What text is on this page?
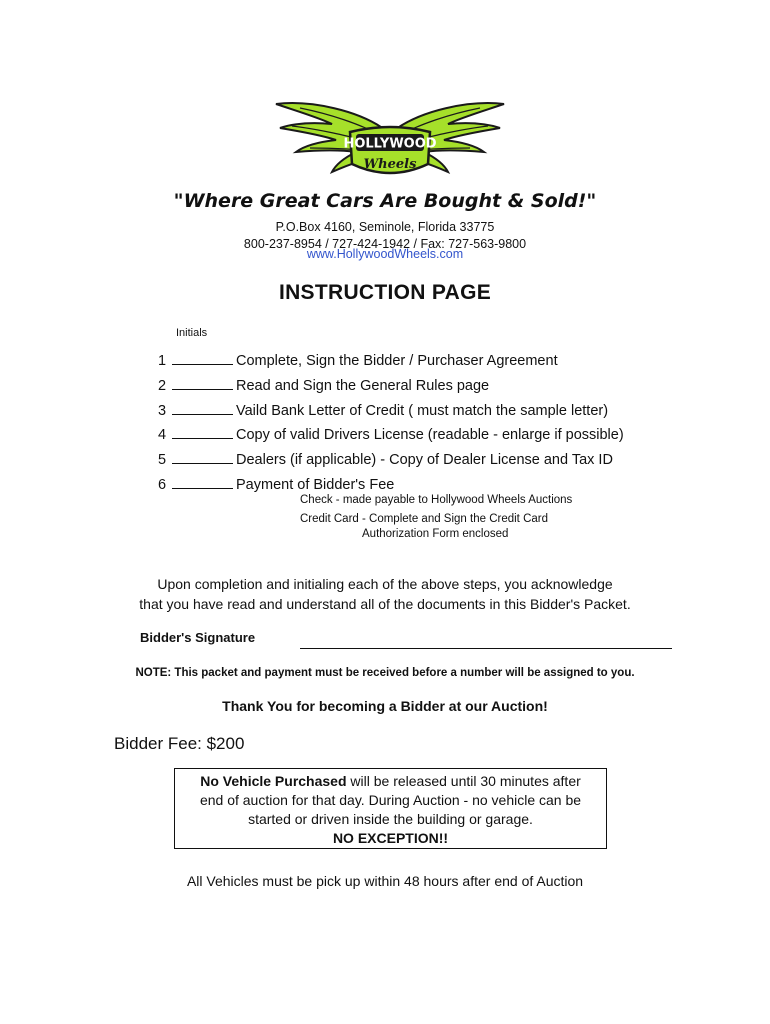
HOLLYWOOD
Wheels
"Where Great Cars Are Bought & Sold!"
P.O.Box 4160, Seminole, Florida 33775
800-237-8954 / 727-424-1942 / Fax: 727-563-9800
www.HollywoodWheels.com
INSTRUCTION PAGE
Initials
1	Complete, Sign the Bidder / Purchaser Agreement
2	Read and Sign the General Rules page
3	Vaild Bank Letter of Credit ( must match the sample letter)
4	Copy of valid Drivers License (readable - enlarge if possible)
5	Dealers (if applicable) - Copy of Dealer License and Tax ID
6	Payment of Bidder's Fee
Check - made payable to Hollywood Wheels Auctions
Credit Card - Complete and Sign the Credit Card
Authorization Form enclosed
Upon completion and initialing each of the above steps, you acknowledge
that you have read and understand all of the documents in this Bidder's Packet.
Bidder's Signature
NOTE: This packet and payment must be received before a number will be assigned to you.
Thank You for becoming a Bidder at our Auction!
Bidder Fee: $200
No Vehicle Purchased will be released until 30 minutes after
end of auction for that day. During Auction - no vehicle can be
started or driven inside the building or garage.
NO EXCEPTION!!
All Vehicles must be pick up within 48 hours after end of Auction
